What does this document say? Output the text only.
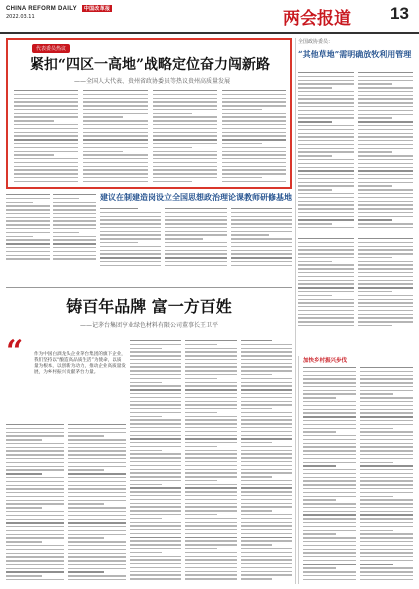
CHINA REFORM DAILY 中国改革报
2022.03.11	两会报道 13
代表委员热议
紧扣“四区一高地”战略定位奋力闯新路

——全国人大代表、贵州省政协委员等热议贵州高质量发展

全国政协委员：
“其他草地”需明确放牧利用管理
建议在制建造岗设立全国思想政治理论课教师研修基地
铸百年品牌 富一方百姓

——记茅台集团亨业绿色材料有限公司董事长王卫平

“	作为中国白酒龙头企业茅台集团的旗下企业，我们坚持以“酿造高品质生活”为使命，以质量为根本，以创新为动力，推动企业高质量发展，为乡村振兴贡献茅台力量。

加快乡村振兴步伐
